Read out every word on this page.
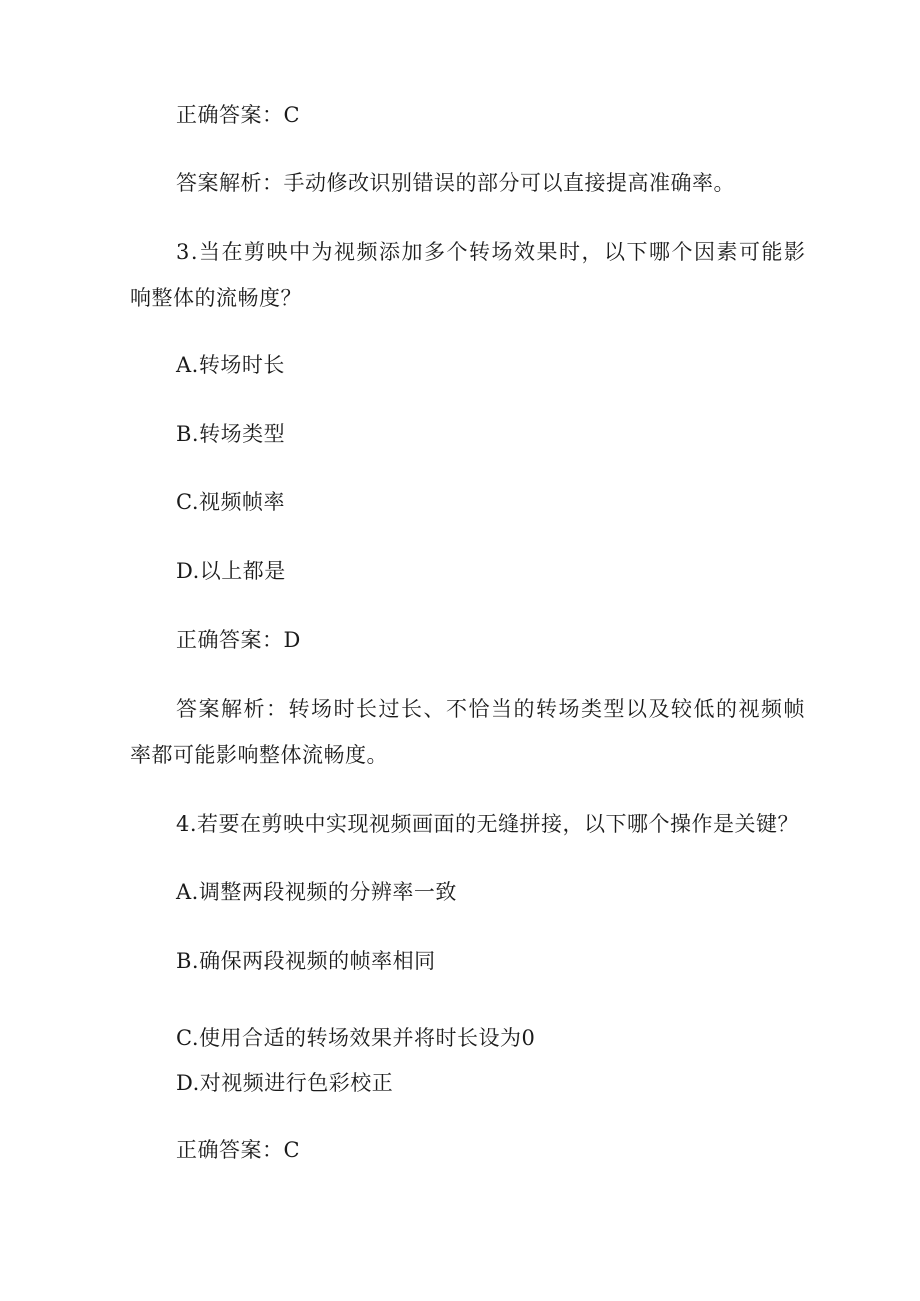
正确答案：C
答案解析：手动修改识别错误的部分可以直接提高准确率。
3.当在剪映中为视频添加多个转场效果时，以下哪个因素可能影
响整体的流畅度？
A.转场时长
B.转场类型
C.视频帧率
D.以上都是
正确答案：D
答案解析：转场时长过长、不恰当的转场类型以及较低的视频帧
率都可能影响整体流畅度。
4.若要在剪映中实现视频画面的无缝拼接，以下哪个操作是关键？
A.调整两段视频的分辨率一致
B.确保两段视频的帧率相同
C.使用合适的转场效果并将时长设为0
D.对视频进行色彩校正
正确答案：C
